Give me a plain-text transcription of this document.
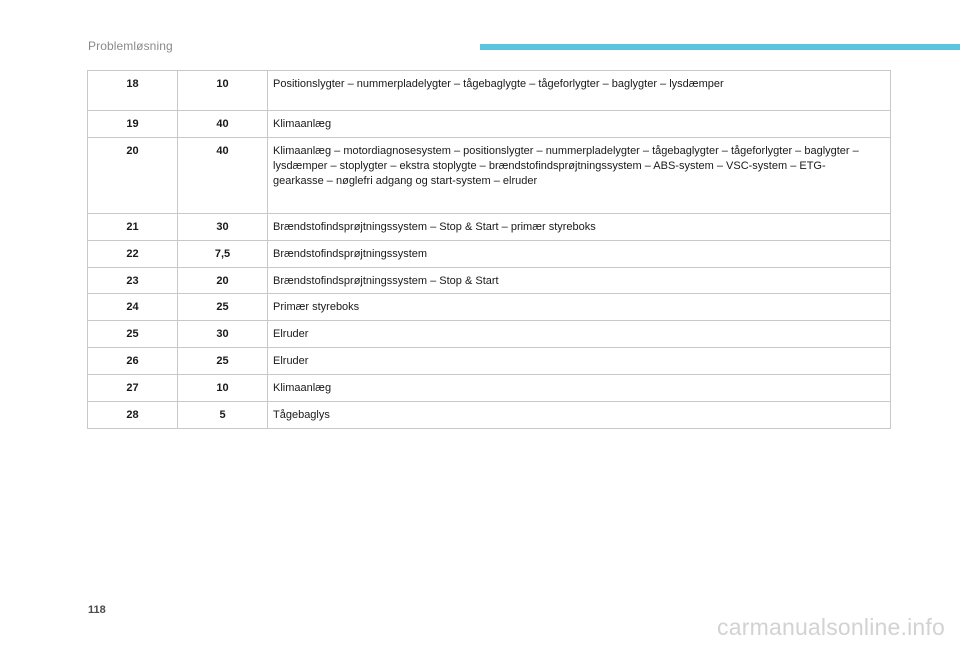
Problemløsning
18	10	Positionslygter – nummerpladelygter – tågebaglygte – tågeforlygter – baglygter – lysdæmper

19	40	Klimaanlæg

20	40	Klimaanlæg – motordiagnosesystem – positionslygter – nummerpladelygter – tågebaglygter – tågeforlygter – baglygter – lysdæmper – stoplygter – ekstra stoplygte – brændstofindsprøjtningssystem – ABS-system – VSC-system – ETG-gearkasse – nøglefri adgang og start-system – elruder

21	30	Brændstofindsprøjtningssystem – Stop & Start – primær styreboks

22	7,5	Brændstofindsprøjtningssystem

23	20	Brændstofindsprøjtningssystem – Stop & Start

24	25	Primær styreboks

25	30	Elruder

26	25	Elruder

27	10	Klimaanlæg

28	5	Tågebaglys
118
carmanualsonline.info
